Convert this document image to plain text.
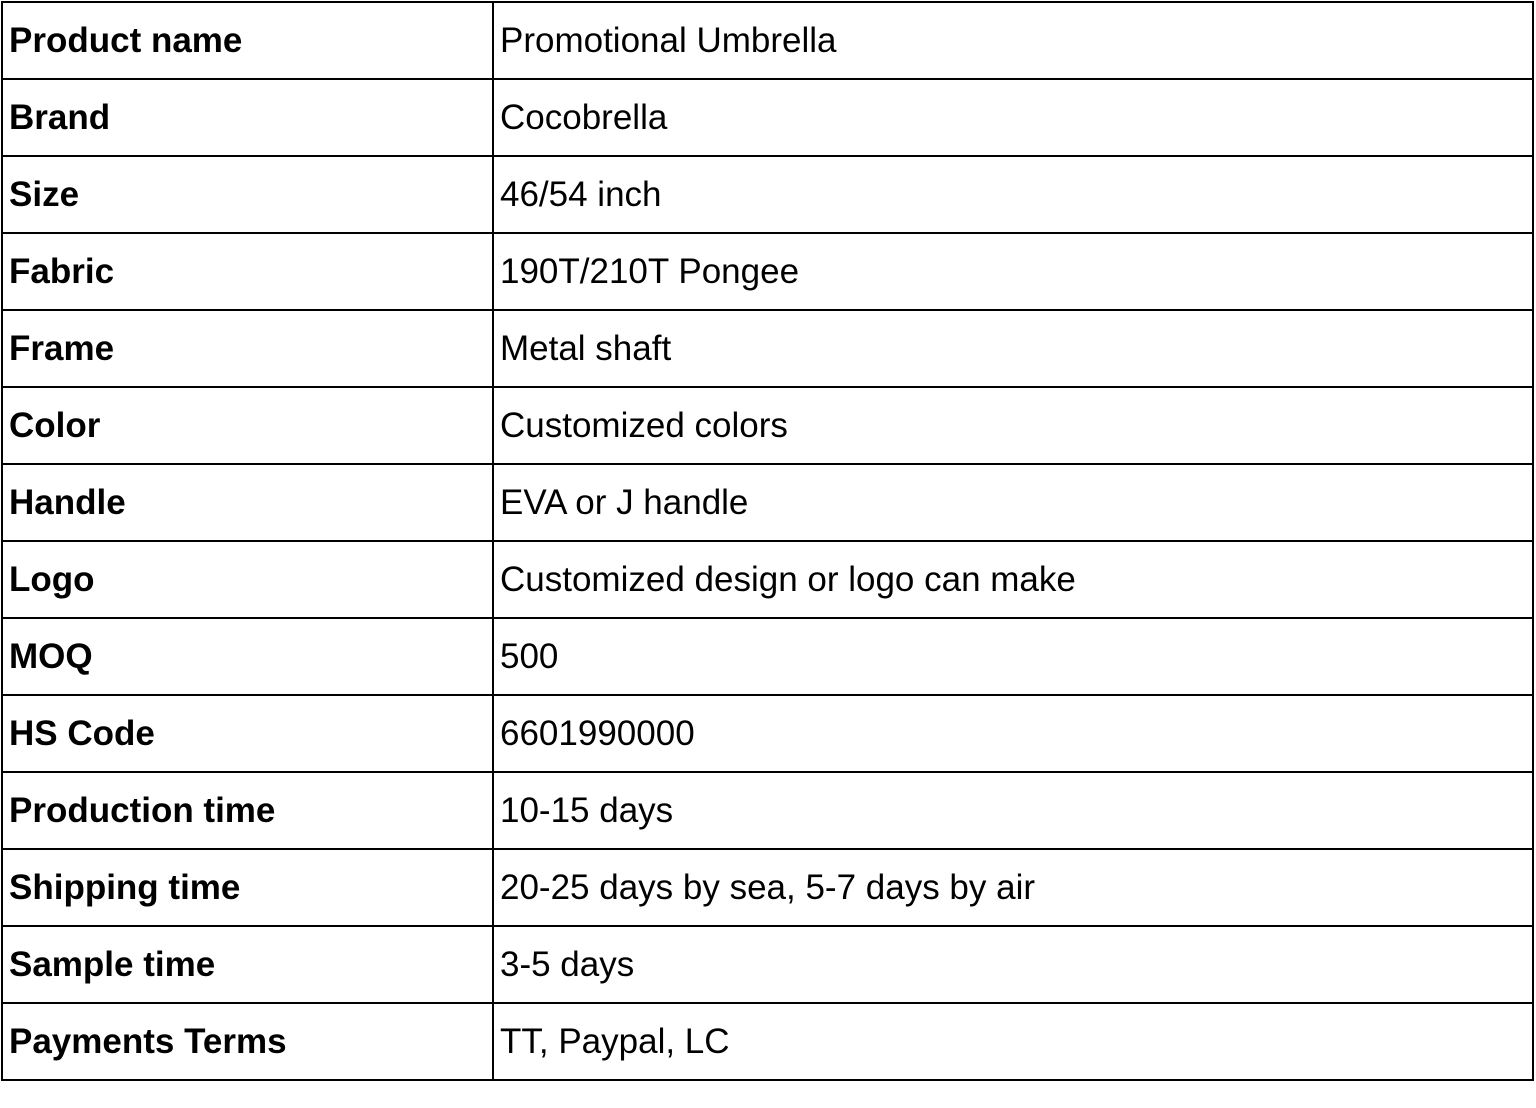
Product name	Promotional Umbrella
Brand	Cocobrella
Size	46/54 inch
Fabric	190T/210T Pongee
Frame	Metal shaft
Color	Customized colors
Handle	EVA or J handle
Logo	Customized design or logo can make
MOQ	500
HS Code	6601990000
Production time	10-15 days
Shipping time	20-25 days by sea, 5-7 days by air
Sample time	3-5 days
Payments Terms	TT, Paypal, LC
